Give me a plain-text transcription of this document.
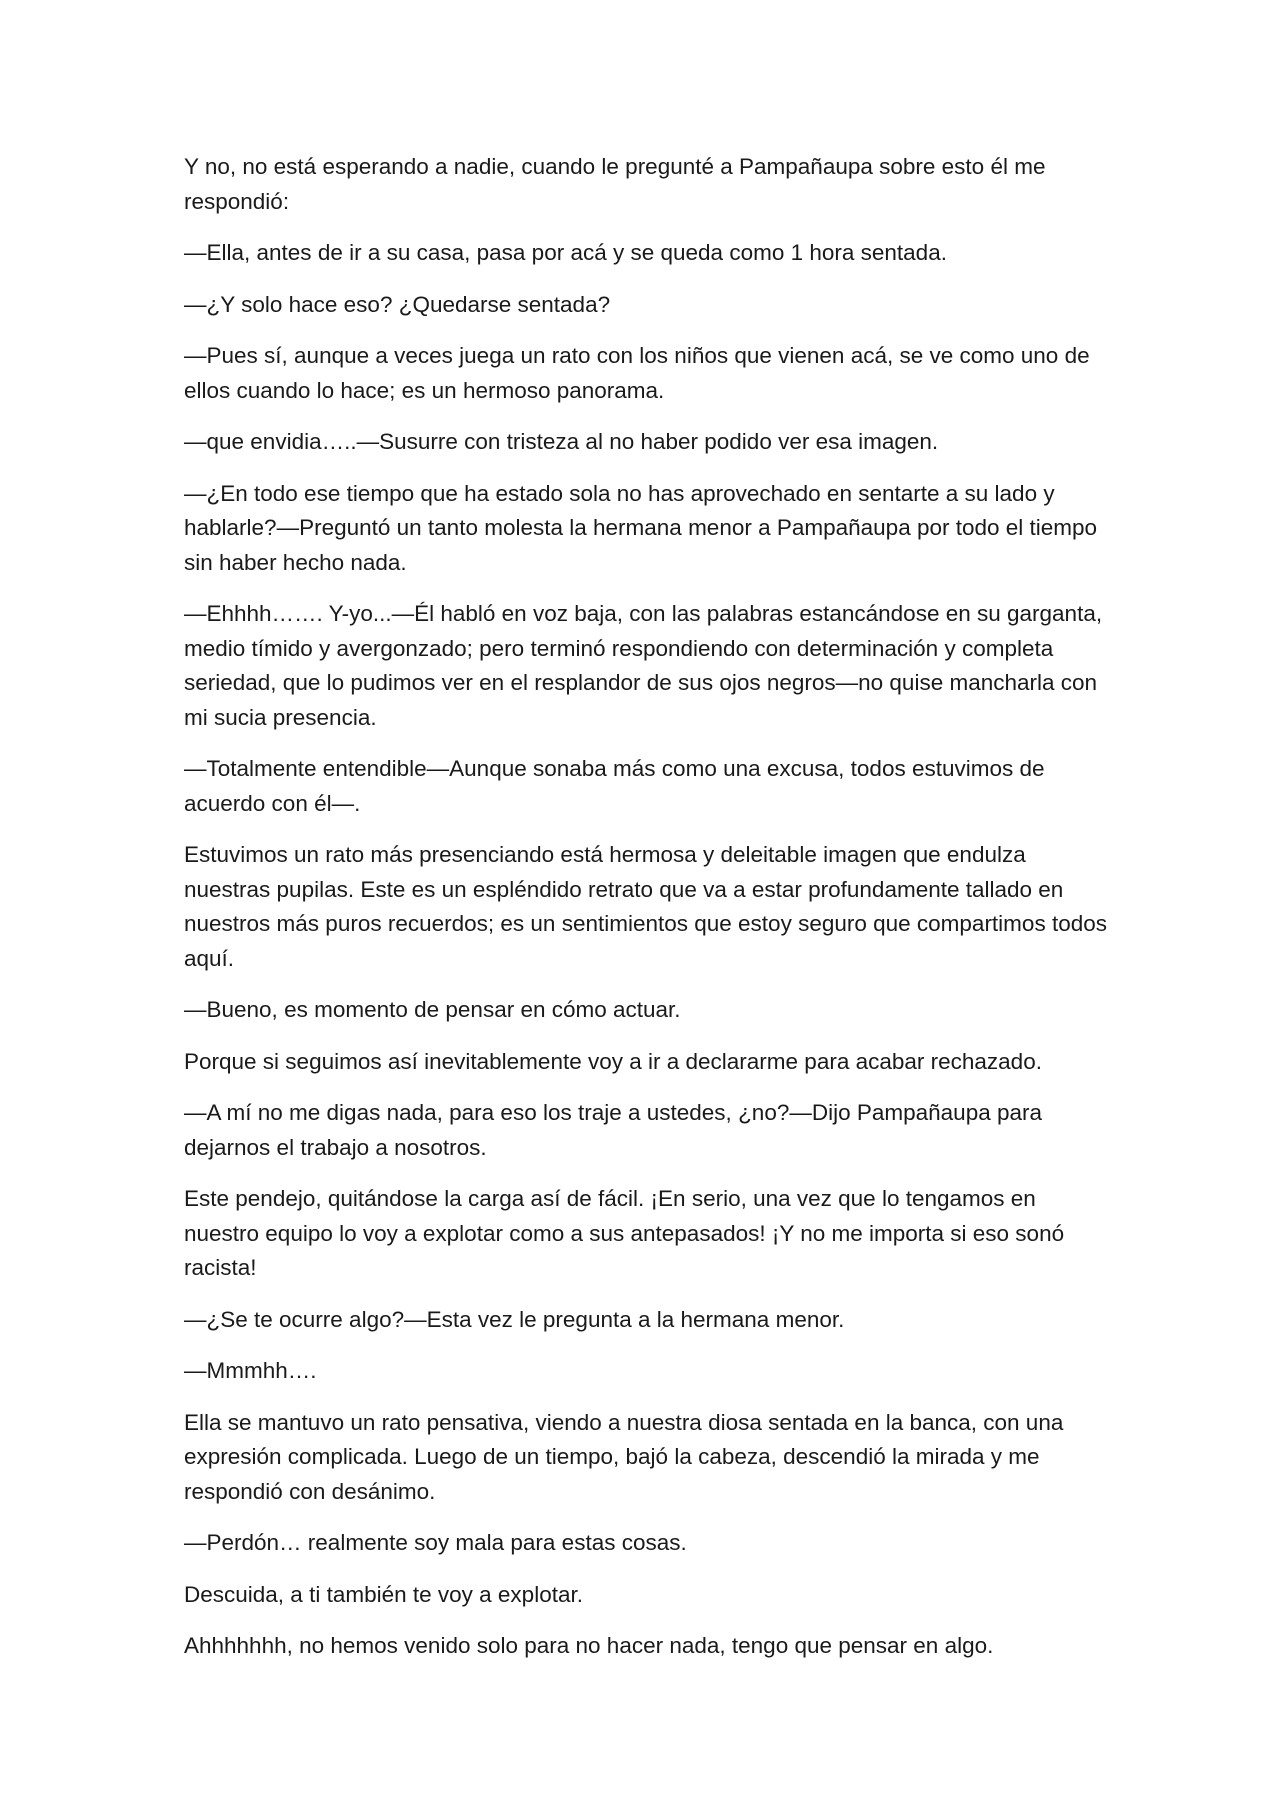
Y no, no está esperando a nadie, cuando le pregunté a Pampañaupa sobre esto él me respondió:

—Ella, antes de ir a su casa, pasa por acá y se queda como 1 hora sentada.

—¿Y solo hace eso? ¿Quedarse sentada?

—Pues sí, aunque a veces juega un rato con los niños que vienen acá, se ve como uno de ellos cuando lo hace; es un hermoso panorama.

—que envidia…..—Susurre con tristeza al no haber podido ver esa imagen.

—¿En todo ese tiempo que ha estado sola no has aprovechado en sentarte a su lado y hablarle?—Preguntó un tanto molesta la hermana menor a Pampañaupa por todo el tiempo sin haber hecho nada.

—Ehhhh……. Y-yo...—Él habló en voz baja, con las palabras estancándose en su garganta, medio tímido y avergonzado; pero terminó respondiendo con determinación y completa seriedad, que lo pudimos ver en el resplandor de sus ojos negros—no quise mancharla con mi sucia presencia.

—Totalmente entendible—Aunque sonaba más como una excusa, todos estuvimos de acuerdo con él—.

Estuvimos un rato más presenciando está hermosa y deleitable imagen que endulza nuestras pupilas. Este es un espléndido retrato que va a estar profundamente tallado en nuestros más puros recuerdos; es un sentimientos que estoy seguro que compartimos todos aquí.

—Bueno, es momento de pensar en cómo actuar.

Porque si seguimos así inevitablemente voy a ir a declararme para acabar rechazado.

—A mí no me digas nada, para eso los traje a ustedes, ¿no?—Dijo Pampañaupa para dejarnos el trabajo a nosotros.

Este pendejo, quitándose la carga así de fácil. ¡En serio, una vez que lo tengamos en nuestro equipo lo voy a explotar como a sus antepasados! ¡Y no me importa si eso sonó racista!

—¿Se te ocurre algo?—Esta vez le pregunta a la hermana menor.

—Mmmhh….

Ella se mantuvo un rato pensativa, viendo a nuestra diosa sentada en la banca, con una expresión complicada. Luego de un tiempo, bajó la cabeza, descendió la mirada y me respondió con desánimo.

—Perdón… realmente soy mala para estas cosas.

Descuida, a ti también te voy a explotar.

Ahhhhhhh, no hemos venido solo para no hacer nada, tengo que pensar en algo.
